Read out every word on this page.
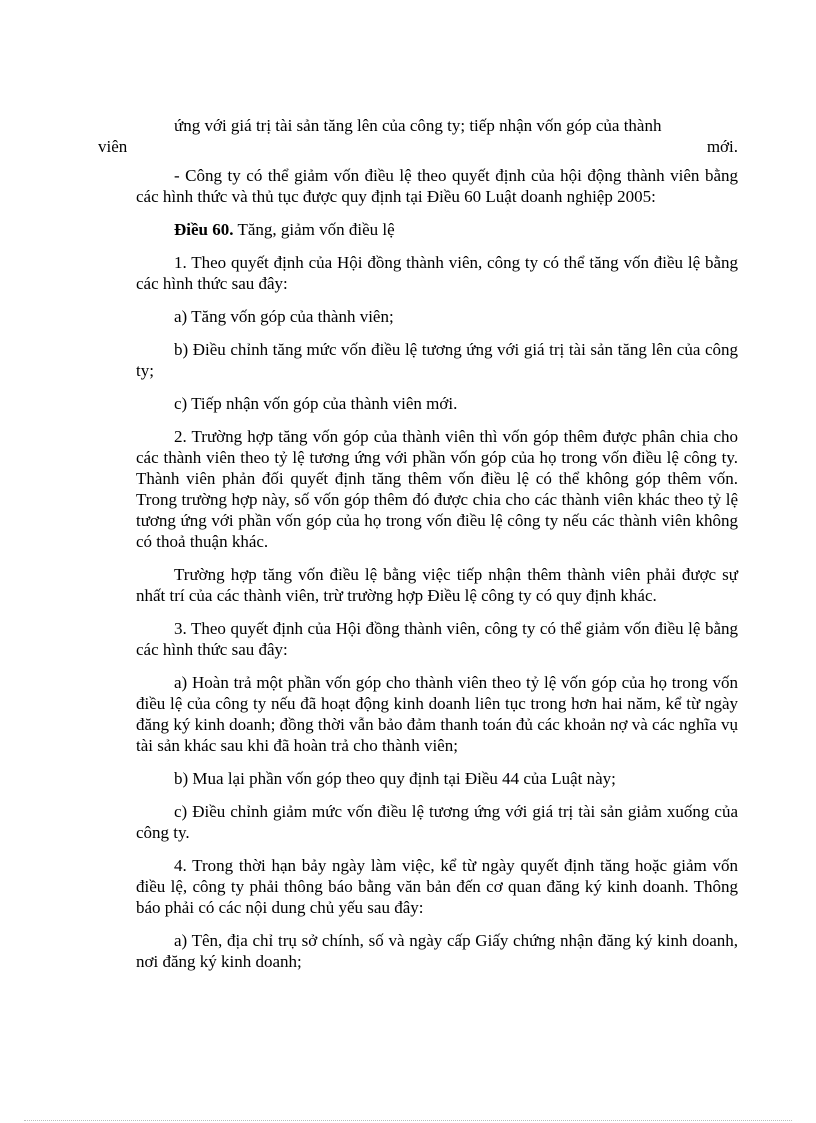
ứng với giá trị tài sản tăng lên của công ty; tiếp nhận vốn góp của thành
viên	mới.

- Công ty có thể giảm vốn điều lệ theo quyết định của hội động thành viên bằng các hình thức và thủ tục được quy định tại Điều 60 Luật doanh nghiệp 2005:

Điều 60. Tăng, giảm vốn điều lệ

1. Theo quyết định của Hội đồng thành viên, công ty có thể tăng vốn điều lệ bằng các hình thức sau đây:

a) Tăng vốn góp của thành viên;

b) Điều chỉnh tăng mức vốn điều lệ tương ứng với giá trị tài sản tăng lên của công ty;

c) Tiếp nhận vốn góp của thành viên mới.

2. Trường hợp tăng vốn góp của thành viên thì vốn góp thêm được phân chia cho các thành viên theo tỷ lệ tương ứng với phần vốn góp của họ trong vốn điều lệ công ty. Thành viên phản đối quyết định tăng thêm vốn điều lệ có thể không góp thêm vốn. Trong trường hợp này, số vốn góp thêm đó được chia cho các thành viên khác theo tỷ lệ tương ứng với phần vốn góp của họ trong vốn điều lệ công ty nếu các thành viên không có thoả thuận khác.

Trường hợp tăng vốn điều lệ bằng việc tiếp nhận thêm thành viên phải được sự nhất trí của các thành viên, trừ trường hợp Điều lệ công ty có quy định khác.

3. Theo quyết định của Hội đồng thành viên, công ty có thể giảm vốn điều lệ bằng các hình thức sau đây:

a) Hoàn trả một phần vốn góp cho thành viên theo tỷ lệ vốn góp của họ trong vốn điều lệ của công ty nếu đã hoạt động kinh doanh liên tục trong hơn hai năm, kể từ ngày đăng ký kinh doanh; đồng thời vẫn bảo đảm thanh toán đủ các khoản nợ và các nghĩa vụ tài sản khác sau khi đã hoàn trả cho thành viên;

b) Mua lại phần vốn góp theo quy định tại Điều 44 của Luật này;

c) Điều chỉnh giảm mức vốn điều lệ tương ứng với giá trị tài sản giảm xuống của công ty.

4. Trong thời hạn bảy ngày làm việc, kể từ ngày quyết định tăng hoặc giảm vốn điều lệ, công ty phải thông báo bằng văn bản đến cơ quan đăng ký kinh doanh. Thông báo phải có các nội dung chủ yếu sau đây:

a) Tên, địa chỉ trụ sở chính, số và ngày cấp Giấy chứng nhận đăng ký kinh doanh, nơi đăng ký kinh doanh;
